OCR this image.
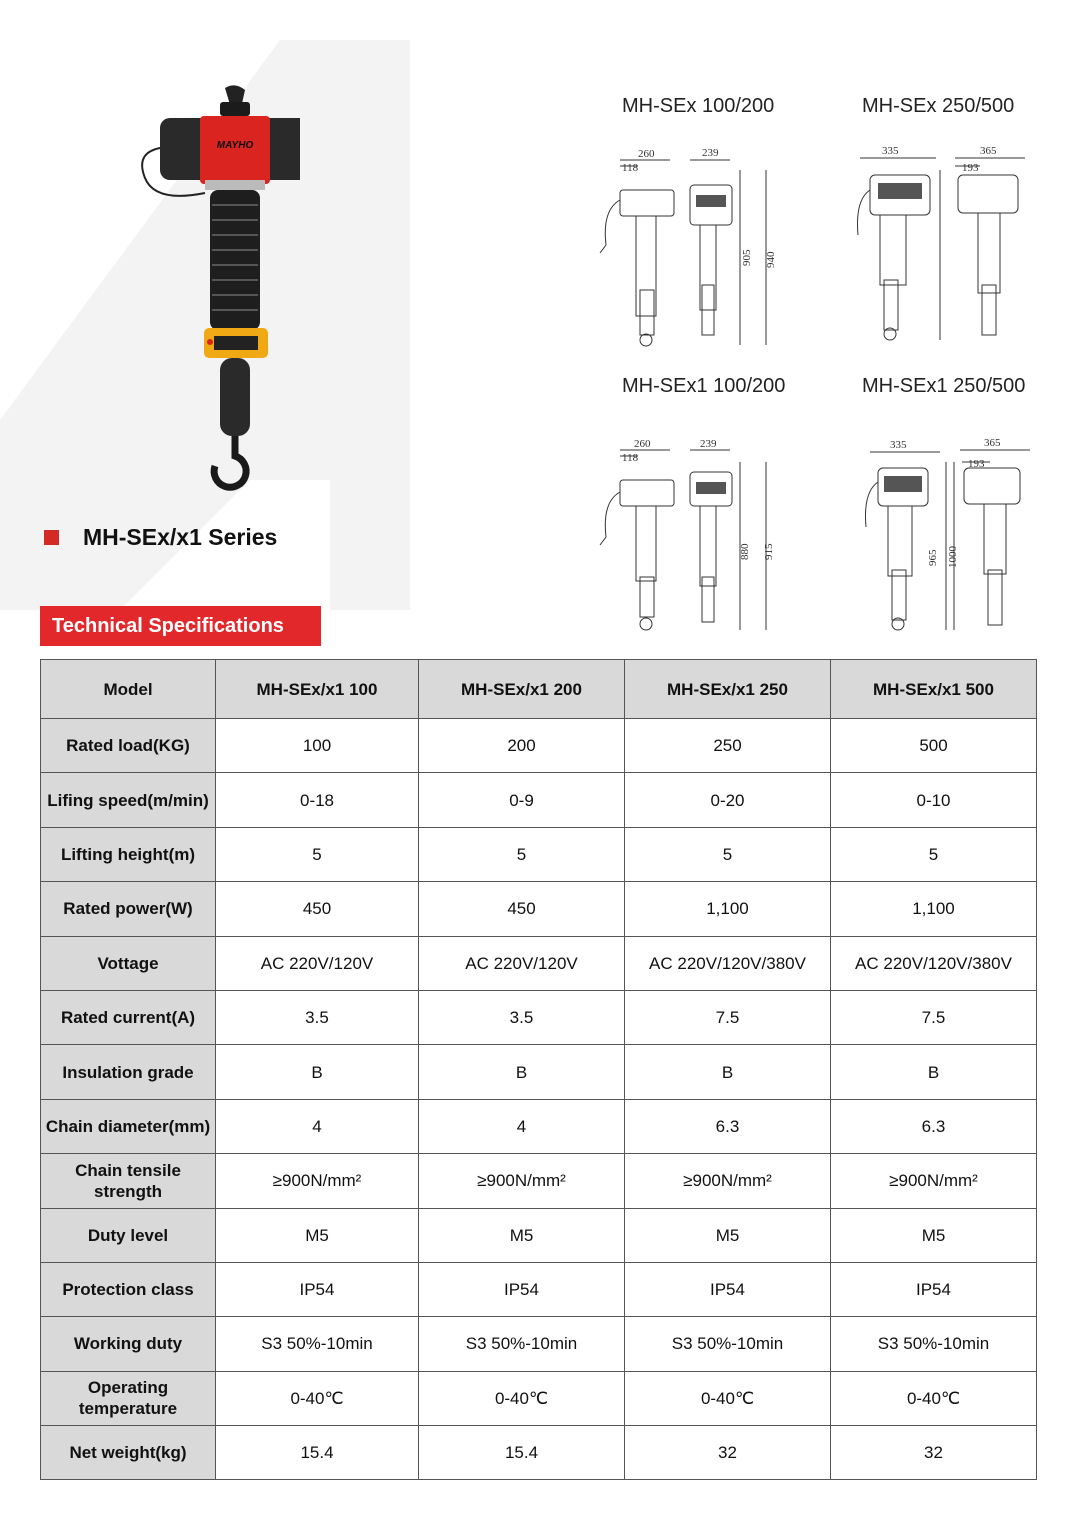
MAYHO
MH-SEx/x1 Series
MH-SEx 100/200	MH-SEx 250/500
MH-SEx1 100/200	MH-SEx1 250/500
260
118
239
905 940
335	365
193
260
118
239
880 915
335	365
193
965 1000
Technical Specifications
Model	MH-SEx/x1 100	MH-SEx/x1 200	MH-SEx/x1 250	MH-SEx/x1 500
Rated load(KG)	100	200	250	500
Lifing speed(m/min)	0-18	0-9	0-20	0-10
Lifting height(m)	5	5	5	5
Rated power(W)	450	450	1,100	1,100
Vottage	AC 220V/120V	AC 220V/120V	AC 220V/120V/380V	AC 220V/120V/380V
Rated current(A)	3.5	3.5	7.5	7.5
Insulation grade	B	B	B	B
Chain diameter(mm)	4	4	6.3	6.3
Chain tensile strength	≥900N/mm²	≥900N/mm²	≥900N/mm²	≥900N/mm²
Duty level	M5	M5	M5	M5
Protection class	IP54	IP54	IP54	IP54
Working duty	S3 50%-10min	S3 50%-10min	S3 50%-10min	S3 50%-10min
Operating temperature	0-40℃	0-40℃	0-40℃	0-40℃
Net weight(kg)	15.4	15.4	32	32
